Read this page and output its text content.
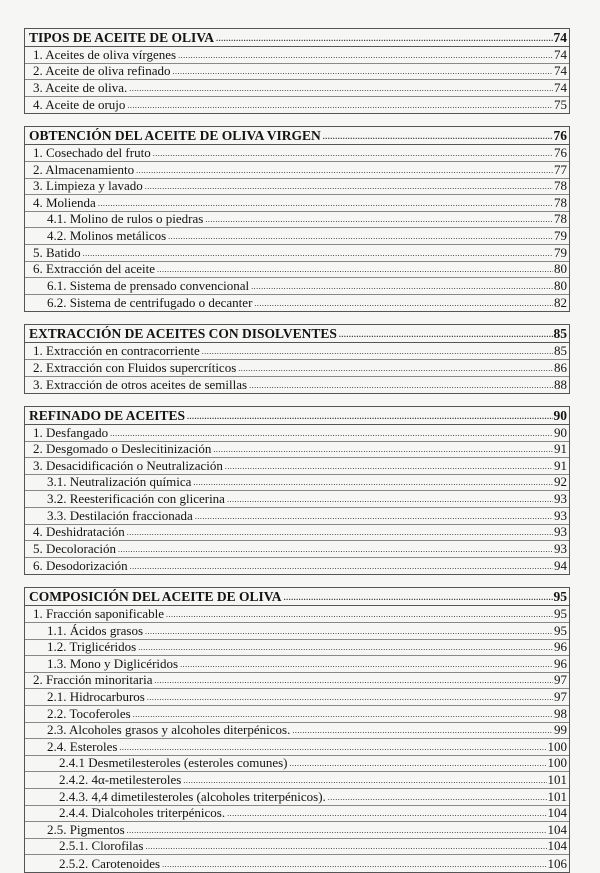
TIPOS DE ACEITE DE OLIVA .....	74
1. Aceites de oliva vírgenes .....	74
2. Aceite de oliva refinado .....	74
3. Aceite de oliva. .....	74
4. Aceite de orujo .....	75
OBTENCIÓN DEL ACEITE DE OLIVA VIRGEN .....	76
1. Cosechado del fruto .....	76
2. Almacenamiento .....	77
3. Limpieza y lavado .....	78
4. Molienda .....	78
4.1. Molino de rulos o piedras .....	78
4.2. Molinos metálicos .....	79
5. Batido .....	79
6. Extracción del aceite .....	80
6.1. Sistema de prensado convencional .....	80
6.2. Sistema de centrifugado o decanter .....	82
EXTRACCIÓN DE ACEITES CON DISOLVENTES .....	85
1. Extracción en contracorriente .....	85
2. Extracción con Fluidos supercríticos .....	86
3. Extracción de otros aceites de semillas .....	88
REFINADO DE ACEITES .....	90
1. Desfangado .....	90
2. Desgomado o Deslecitinización .....	91
3. Desacidificación o Neutralización .....	91
3.1. Neutralización química .....	92
3.2. Reesterificación con glicerina .....	93
3.3. Destilación fraccionada .....	93
4. Deshidratación .....	93
5. Decoloración .....	93
6. Desodorización .....	94
COMPOSICIÓN DEL ACEITE DE OLIVA .....	95
1. Fracción saponificable .....	95
1.1. Ácidos grasos .....	95
1.2. Triglicéridos .....	96
1.3. Mono y Diglicéridos .....	96
2. Fracción minoritaria .....	97
2.1. Hidrocarburos .....	97
2.2. Tocoferoles .....	98
2.3. Alcoholes grasos y alcoholes diterpénicos. .....	99
2.4. Esteroles .....	100
2.4.1 Desmetilesteroles (esteroles comunes) .....	100
2.4.2. 4α-metilesteroles .....	101
2.4.3. 4,4 dimetilesteroles (alcoholes triterpénicos). .....	101
2.4.4. Dialcoholes triterpénicos. .....	104
2.5. Pigmentos .....	104
2.5.1. Clorofilas .....	104
2.5.2. Carotenoides .....	106
